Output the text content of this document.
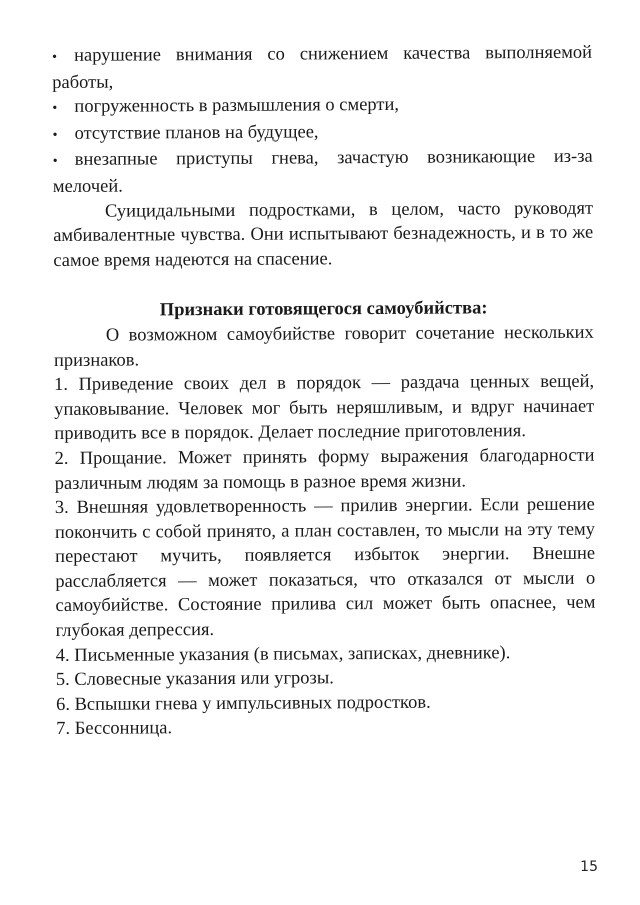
• нарушение внимания со снижением качества выполняемой работы,
• погруженность в размышления о смерти,
• отсутствие планов на будущее,
• внезапные приступы гнева, зачастую возникающие из-за мелочей.

Суицидальными подростками, в целом, часто руководят амбивалентные чувства. Они испытывают безнадежность, и в то же самое время надеются на спасение.

Признаки готовящегося самоубийства:

О возможном самоубийстве говорит сочетание нескольких признаков.

1. Приведение своих дел в порядок — раздача ценных вещей, упаковывание. Человек мог быть неряшливым, и вдруг начинает приводить все в порядок. Делает последние приготовления.
2. Прощание. Может принять форму выражения благодарности различным людям за помощь в разное время жизни.
3. Внешняя удовлетворенность — прилив энергии. Если решение покончить с собой принято, а план составлен, то мысли на эту тему перестают мучить, появляется избыток энергии. Внешне расслабляется — может показаться, что отказался от мысли о самоубийстве. Состояние прилива сил может быть опаснее, чем глубокая депрессия.
4. Письменные указания (в письмах, записках, дневнике).
5. Словесные указания или угрозы.
6. Вспышки гнева у импульсивных подростков.
7. Бессонница.
15
